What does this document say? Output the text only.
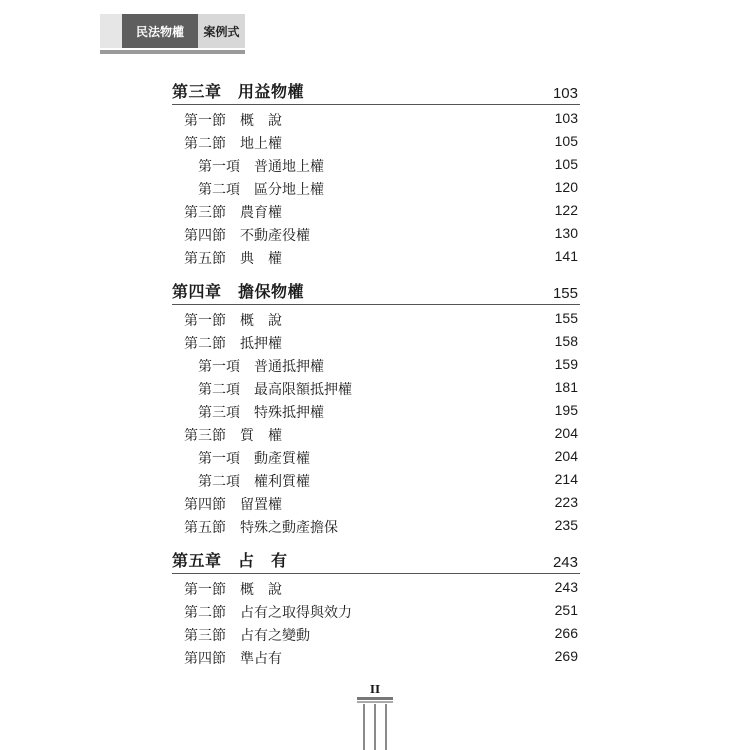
民法物權	案例式
第三章　用益物權	103
第一節　概　說	103
第二節　地上權	105
第一項　普通地上權	105
第二項　區分地上權	120
第三節　農育權	122
第四節　不動產役權	130
第五節　典　權	141
第四章　擔保物權	155
第一節　概　說	155
第二節　抵押權	158
第一項　普通抵押權	159
第二項　最高限額抵押權	181
第三項　特殊抵押權	195
第三節　質　權	204
第一項　動產質權	204
第二項　權利質權	214
第四節　留置權	223
第五節　特殊之動產擔保	235
第五章　占　有	243
第一節　概　說	243
第二節　占有之取得與效力	251
第三節　占有之變動	266
第四節　準占有	269
II
